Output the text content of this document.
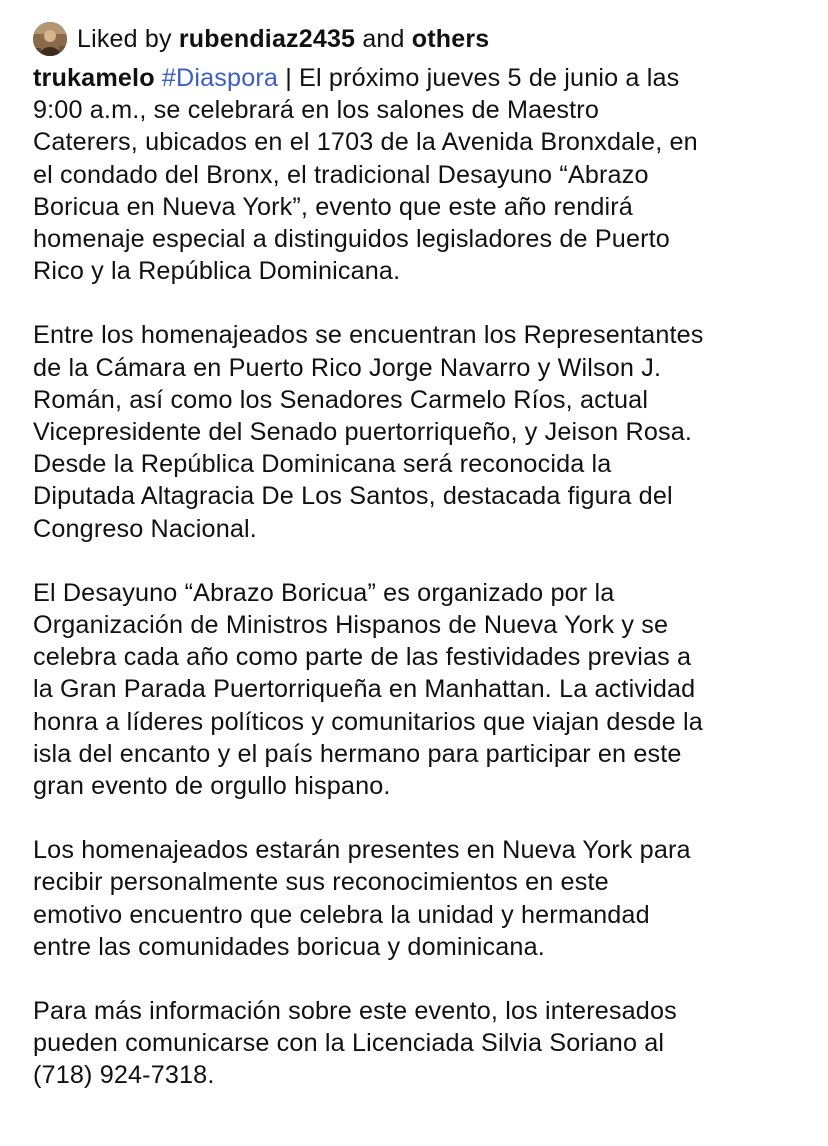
Liked by rubendiaz2435 and others

trukamelo #Diaspora | El próximo jueves 5 de junio a las
9:00 a.m., se celebrará en los salones de Maestro
Caterers, ubicados en el 1703 de la Avenida Bronxdale, en
el condado del Bronx, el tradicional Desayuno “Abrazo
Boricua en Nueva York”, evento que este año rendirá
homenaje especial a distinguidos legisladores de Puerto
Rico y la República Dominicana.

Entre los homenajeados se encuentran los Representantes
de la Cámara en Puerto Rico Jorge Navarro y Wilson J.
Román, así como los Senadores Carmelo Ríos, actual
Vicepresidente del Senado puertorriqueño, y Jeison Rosa.
Desde la República Dominicana será reconocida la
Diputada Altagracia De Los Santos, destacada figura del
Congreso Nacional.

El Desayuno “Abrazo Boricua” es organizado por la
Organización de Ministros Hispanos de Nueva York y se
celebra cada año como parte de las festividades previas a
la Gran Parada Puertorriqueña en Manhattan. La actividad
honra a líderes políticos y comunitarios que viajan desde la
isla del encanto y el país hermano para participar en este
gran evento de orgullo hispano.

Los homenajeados estarán presentes en Nueva York para
recibir personalmente sus reconocimientos en este
emotivo encuentro que celebra la unidad y hermandad
entre las comunidades boricua y dominicana.

Para más información sobre este evento, los interesados
pueden comunicarse con la Licenciada Silvia Soriano al
(718) 924-7318.
